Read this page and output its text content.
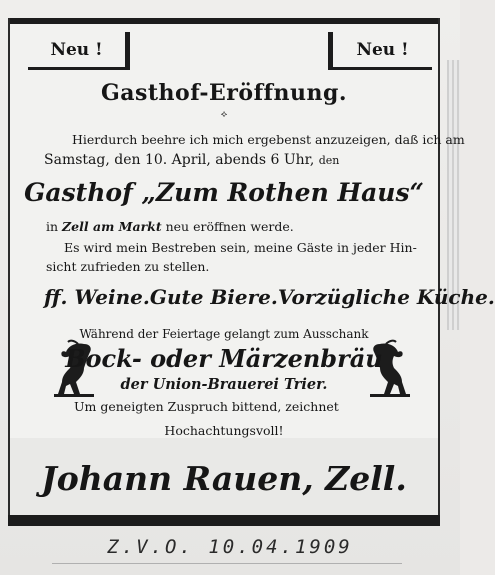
Neu !	Neu !
Gasthof-Eröffnung.
⟡
Hierdurch beehre ich mich ergebenst anzuzeigen, daß ich am
Samstag, den 10. April, abends 6 Uhr, den
Gasthof „Zum Rothen Haus“
in Zell am Markt neu eröffnen werde.
Es wird mein Bestreben sein, meine Gäste in jeder Hin-
sicht zufrieden zu stellen.
ff. Weine. Gute Biere. Vorzügliche Küche.
Während der Feiertage gelangt zum Ausschank
Bock- oder Märzenbräu
der Union-Brauerei Trier.
Um geneigten Zuspruch bittend, zeichnet
Hochachtungsvoll!
Johann Rauen, Zell.
Z.V.O. 10.04.1909
